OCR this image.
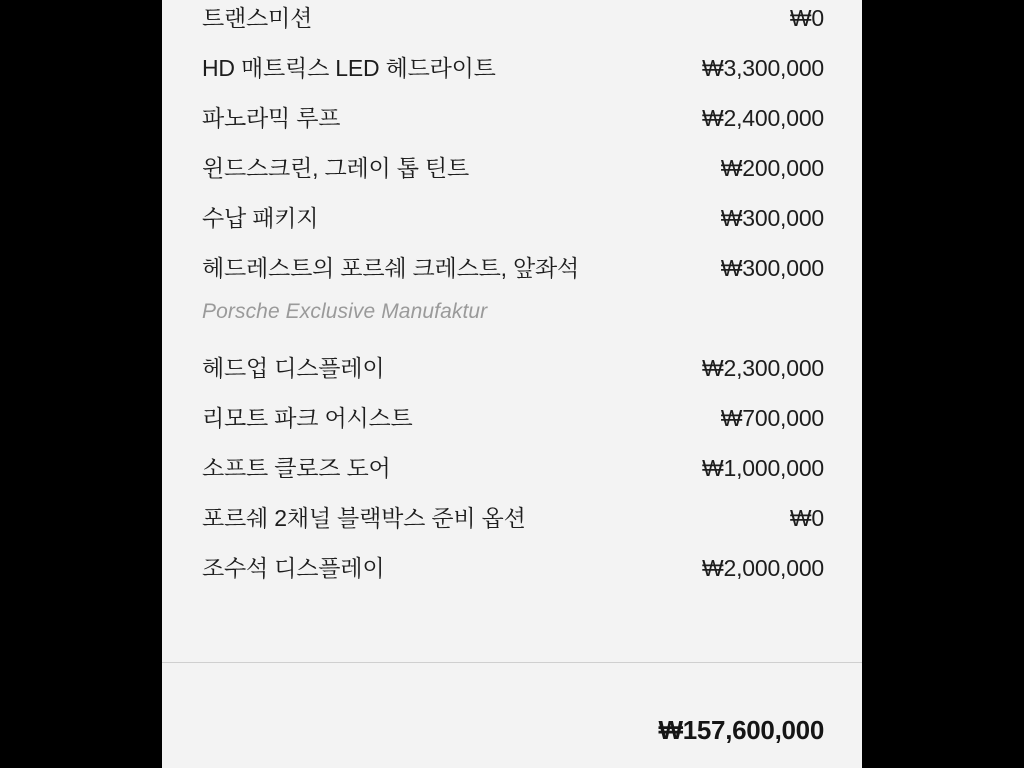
트랜스미션	₩0
HD 매트릭스 LED 헤드라이트	₩3,300,000
파노라믹 루프	₩2,400,000
윈드스크린, 그레이 톱 틴트	₩200,000
수납 패키지	₩300,000
헤드레스트의 포르쉐 크레스트, 앞좌석	₩300,000
Porsche Exclusive Manufaktur
헤드업 디스플레이	₩2,300,000
리모트 파크 어시스트	₩700,000
소프트 클로즈 도어	₩1,000,000
포르쉐 2채널 블랙박스 준비 옵션	₩0
조수석 디스플레이	₩2,000,000
₩157,600,000
